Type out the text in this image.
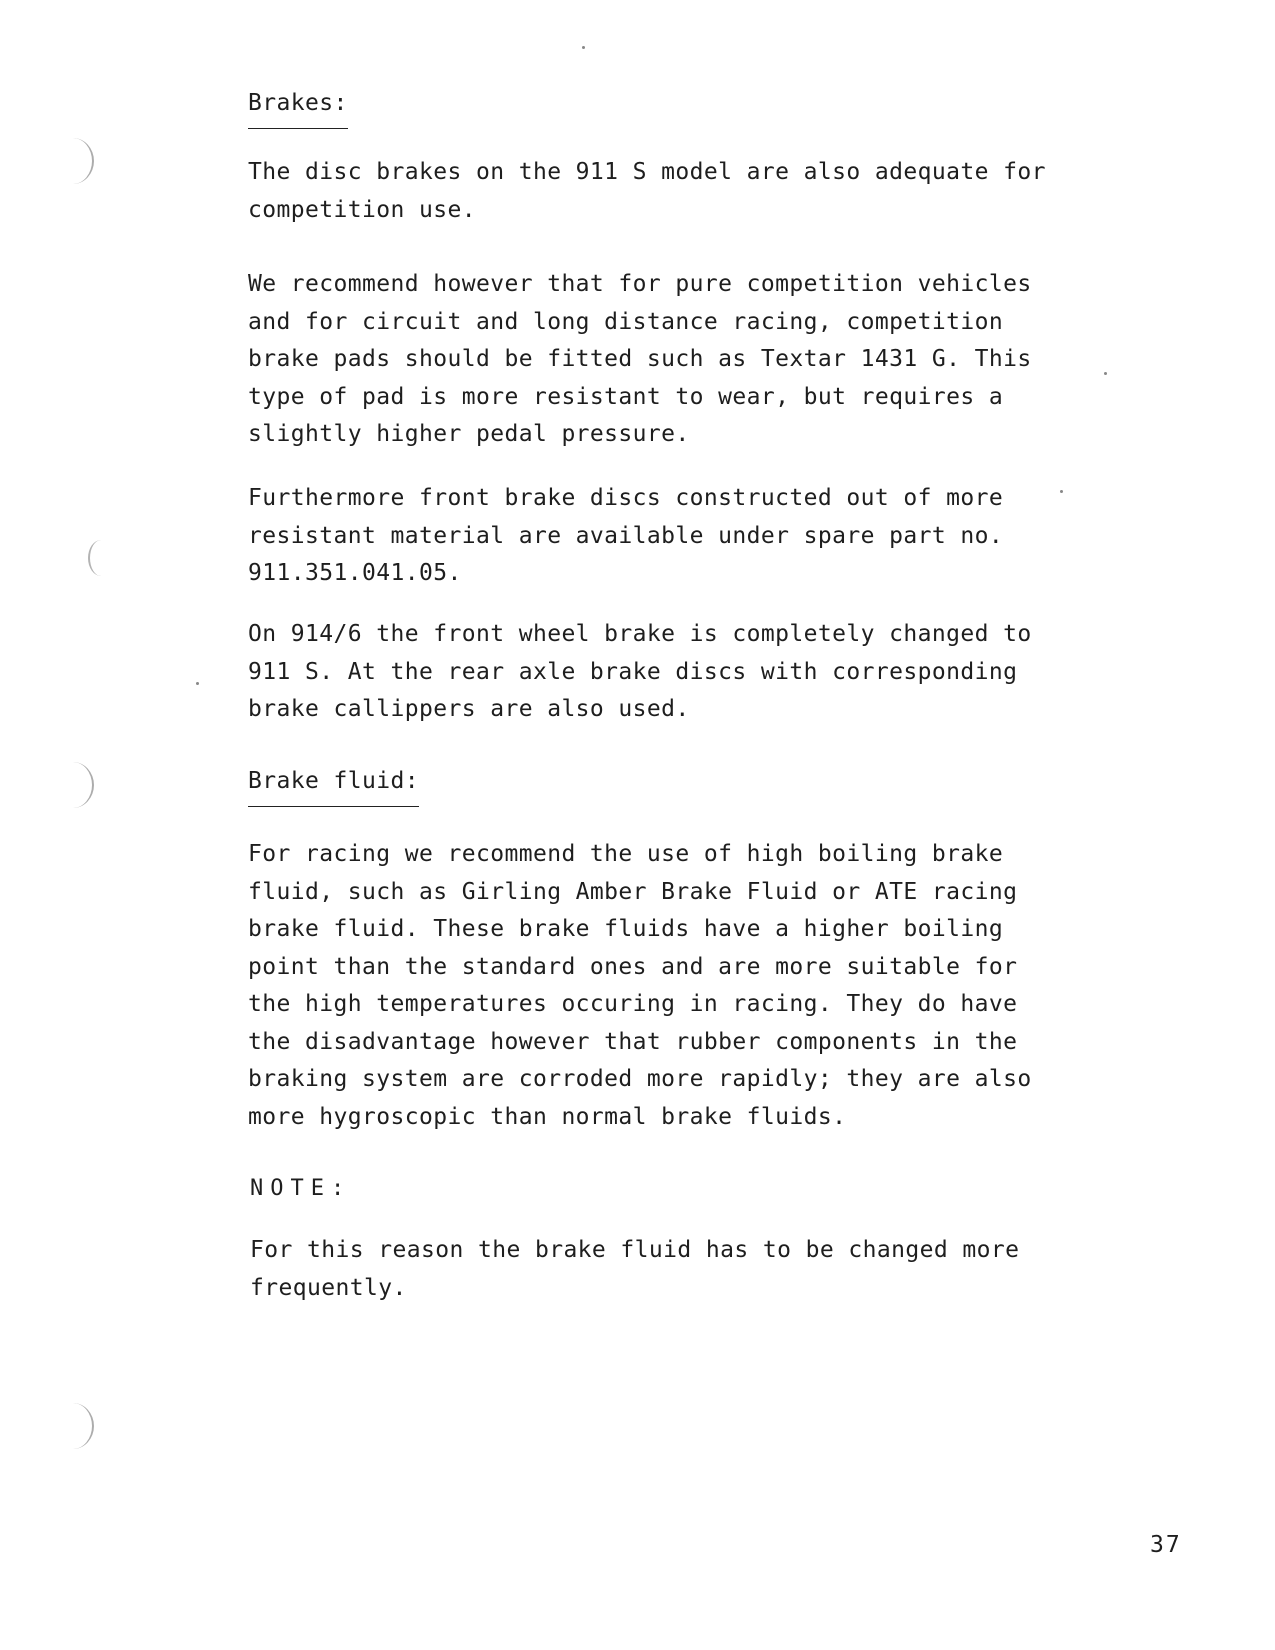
Brakes:
The disc brakes on the 911 S model are also adequate for
competition use.
We recommend however that for pure competition vehicles
and for circuit and long distance racing, competition
brake pads should be fitted such as Textar 1431 G. This
type of pad is more resistant to wear, but requires a
slightly higher pedal pressure.
Furthermore front brake discs constructed out of more
resistant material are available under spare part no.
911.351.041.05.
On 914/6 the front wheel brake is completely changed to
911 S. At the rear axle brake discs with corresponding
brake callippers are also used.
Brake fluid:
For racing we recommend the use of high boiling brake
fluid, such as Girling Amber Brake Fluid or ATE racing
brake fluid. These brake fluids have a higher boiling
point than the standard ones and are more suitable for
the high temperatures occuring in racing. They do have
the disadvantage however that rubber components in the
braking system are corroded more rapidly; they are also
more hygroscopic than normal brake fluids.
NOTE:
For this reason the brake fluid has to be changed more
frequently.
37
